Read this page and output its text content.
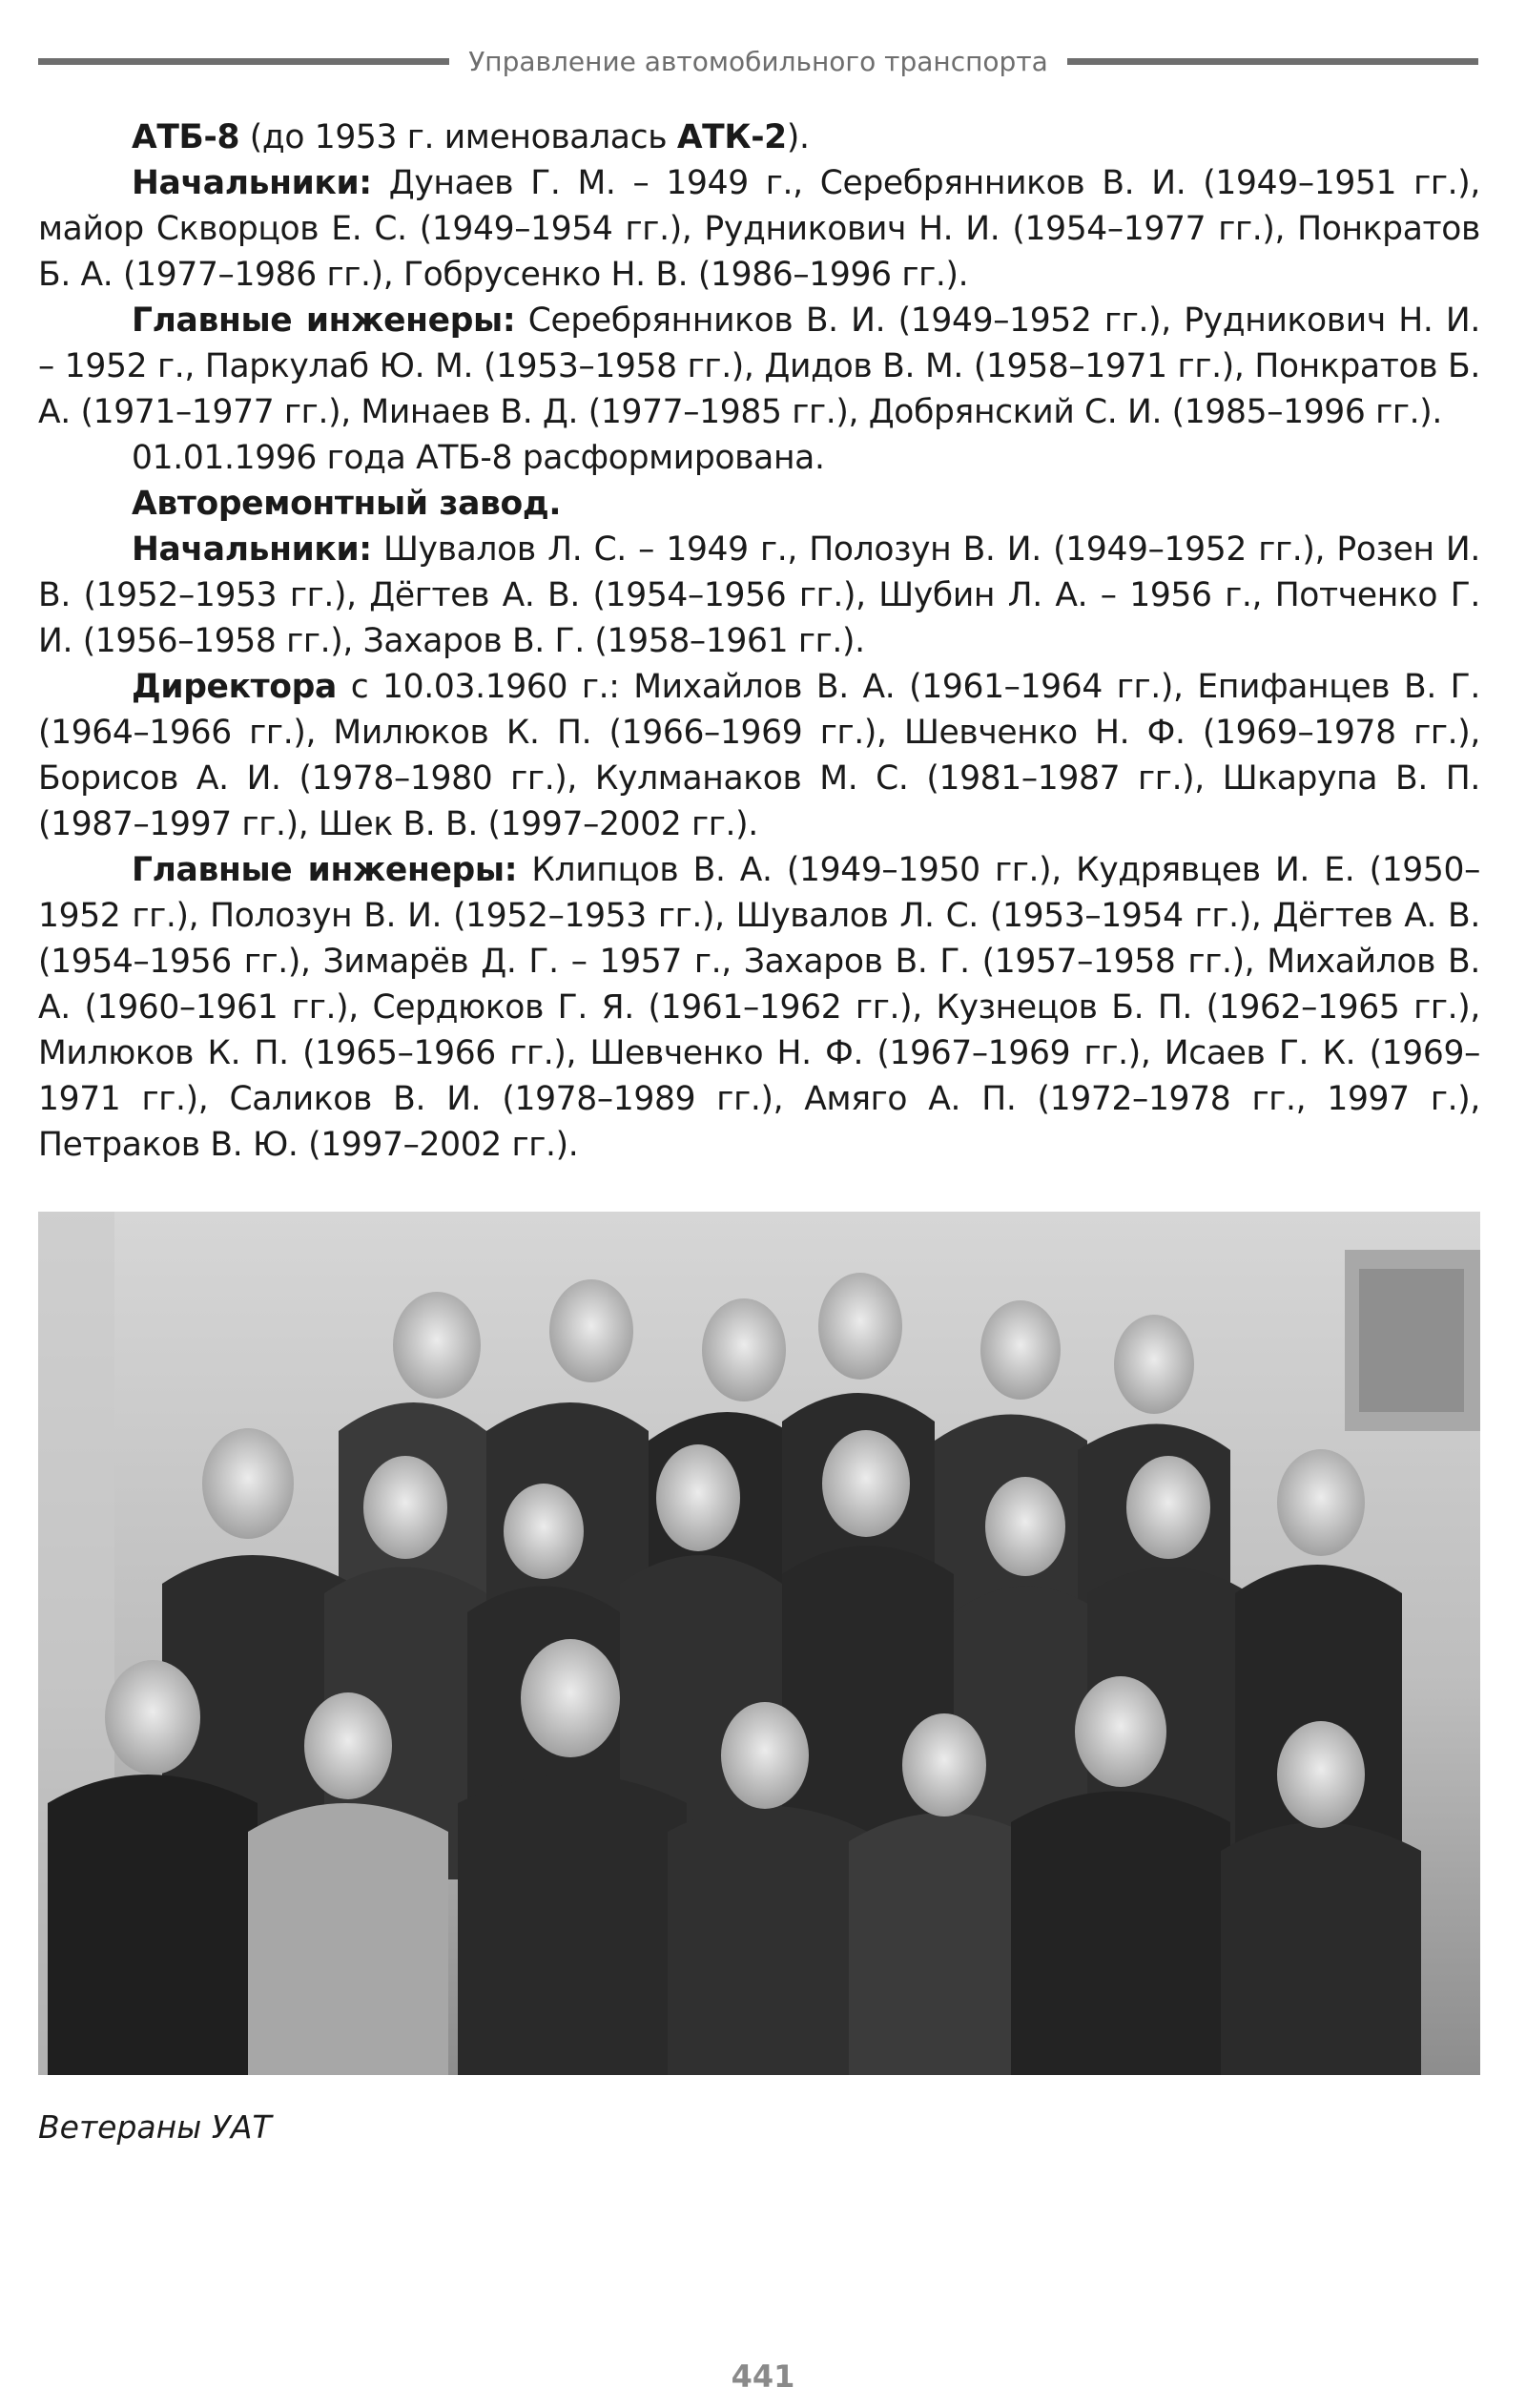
Управление автомобильного транспорта

АТБ-8 (до 1953 г. именовалась АТК-2).

Начальники: Дунаев Г. М. – 1949 г., Серебрянников В. И. (1949–1951 гг.), майор Скворцов Е. С. (1949–1954 гг.), Рудникович Н. И. (1954–1977 гг.), Понкратов Б. А. (1977–1986 гг.), Гобрусенко Н. В. (1986–1996 гг.).

Главные инженеры: Серебрянников В. И. (1949–1952 гг.), Рудникович Н. И. – 1952 г., Паркулаб Ю. М. (1953–1958 гг.), Дидов В. М. (1958–1971 гг.), Понкратов Б. А. (1971–1977 гг.), Минаев В. Д. (1977–1985 гг.), Добрянский С. И. (1985–1996 гг.).

01.01.1996 года АТБ-8 расформирована.

Авторемонтный завод.

Начальники: Шувалов Л. С. – 1949 г., Полозун В. И. (1949–1952 гг.), Розен И. В. (1952–1953 гг.), Дёгтев А. В. (1954–1956 гг.), Шубин Л. А. – 1956 г., Потченко Г. И. (1956–1958 гг.), Захаров В. Г. (1958–1961 гг.).

Директора с 10.03.1960 г.: Михайлов В. А. (1961–1964 гг.), Епифанцев В. Г. (1964–1966 гг.), Милюков К. П. (1966–1969 гг.), Шевченко Н. Ф. (1969–1978 гг.), Борисов А. И. (1978–1980 гг.), Кулманаков М. С. (1981–1987 гг.), Шкарупа В. П. (1987–1997 гг.), Шек В. В. (1997–2002 гг.).

Главные инженеры: Клипцов В. А. (1949–1950 гг.), Кудрявцев И. Е. (1950–1952 гг.), Полозун В. И. (1952–1953 гг.), Шувалов Л. С. (1953–1954 гг.), Дёгтев А. В. (1954–1956 гг.), Зимарёв Д. Г. – 1957 г., Захаров В. Г. (1957–1958 гг.), Михайлов В. А. (1960–1961 гг.), Сердюков Г. Я. (1961–1962 гг.), Кузнецов Б. П. (1962–1965 гг.), Милюков К. П. (1965–1966 гг.), Шевченко Н. Ф. (1967–1969 гг.), Исаев Г. К. (1969–1971 гг.), Саликов В. И. (1978–1989 гг.), Амяго А. П. (1972–1978 гг., 1997 г.), Петраков В. Ю. (1997–2002 гг.).

Ветераны УАТ
441
